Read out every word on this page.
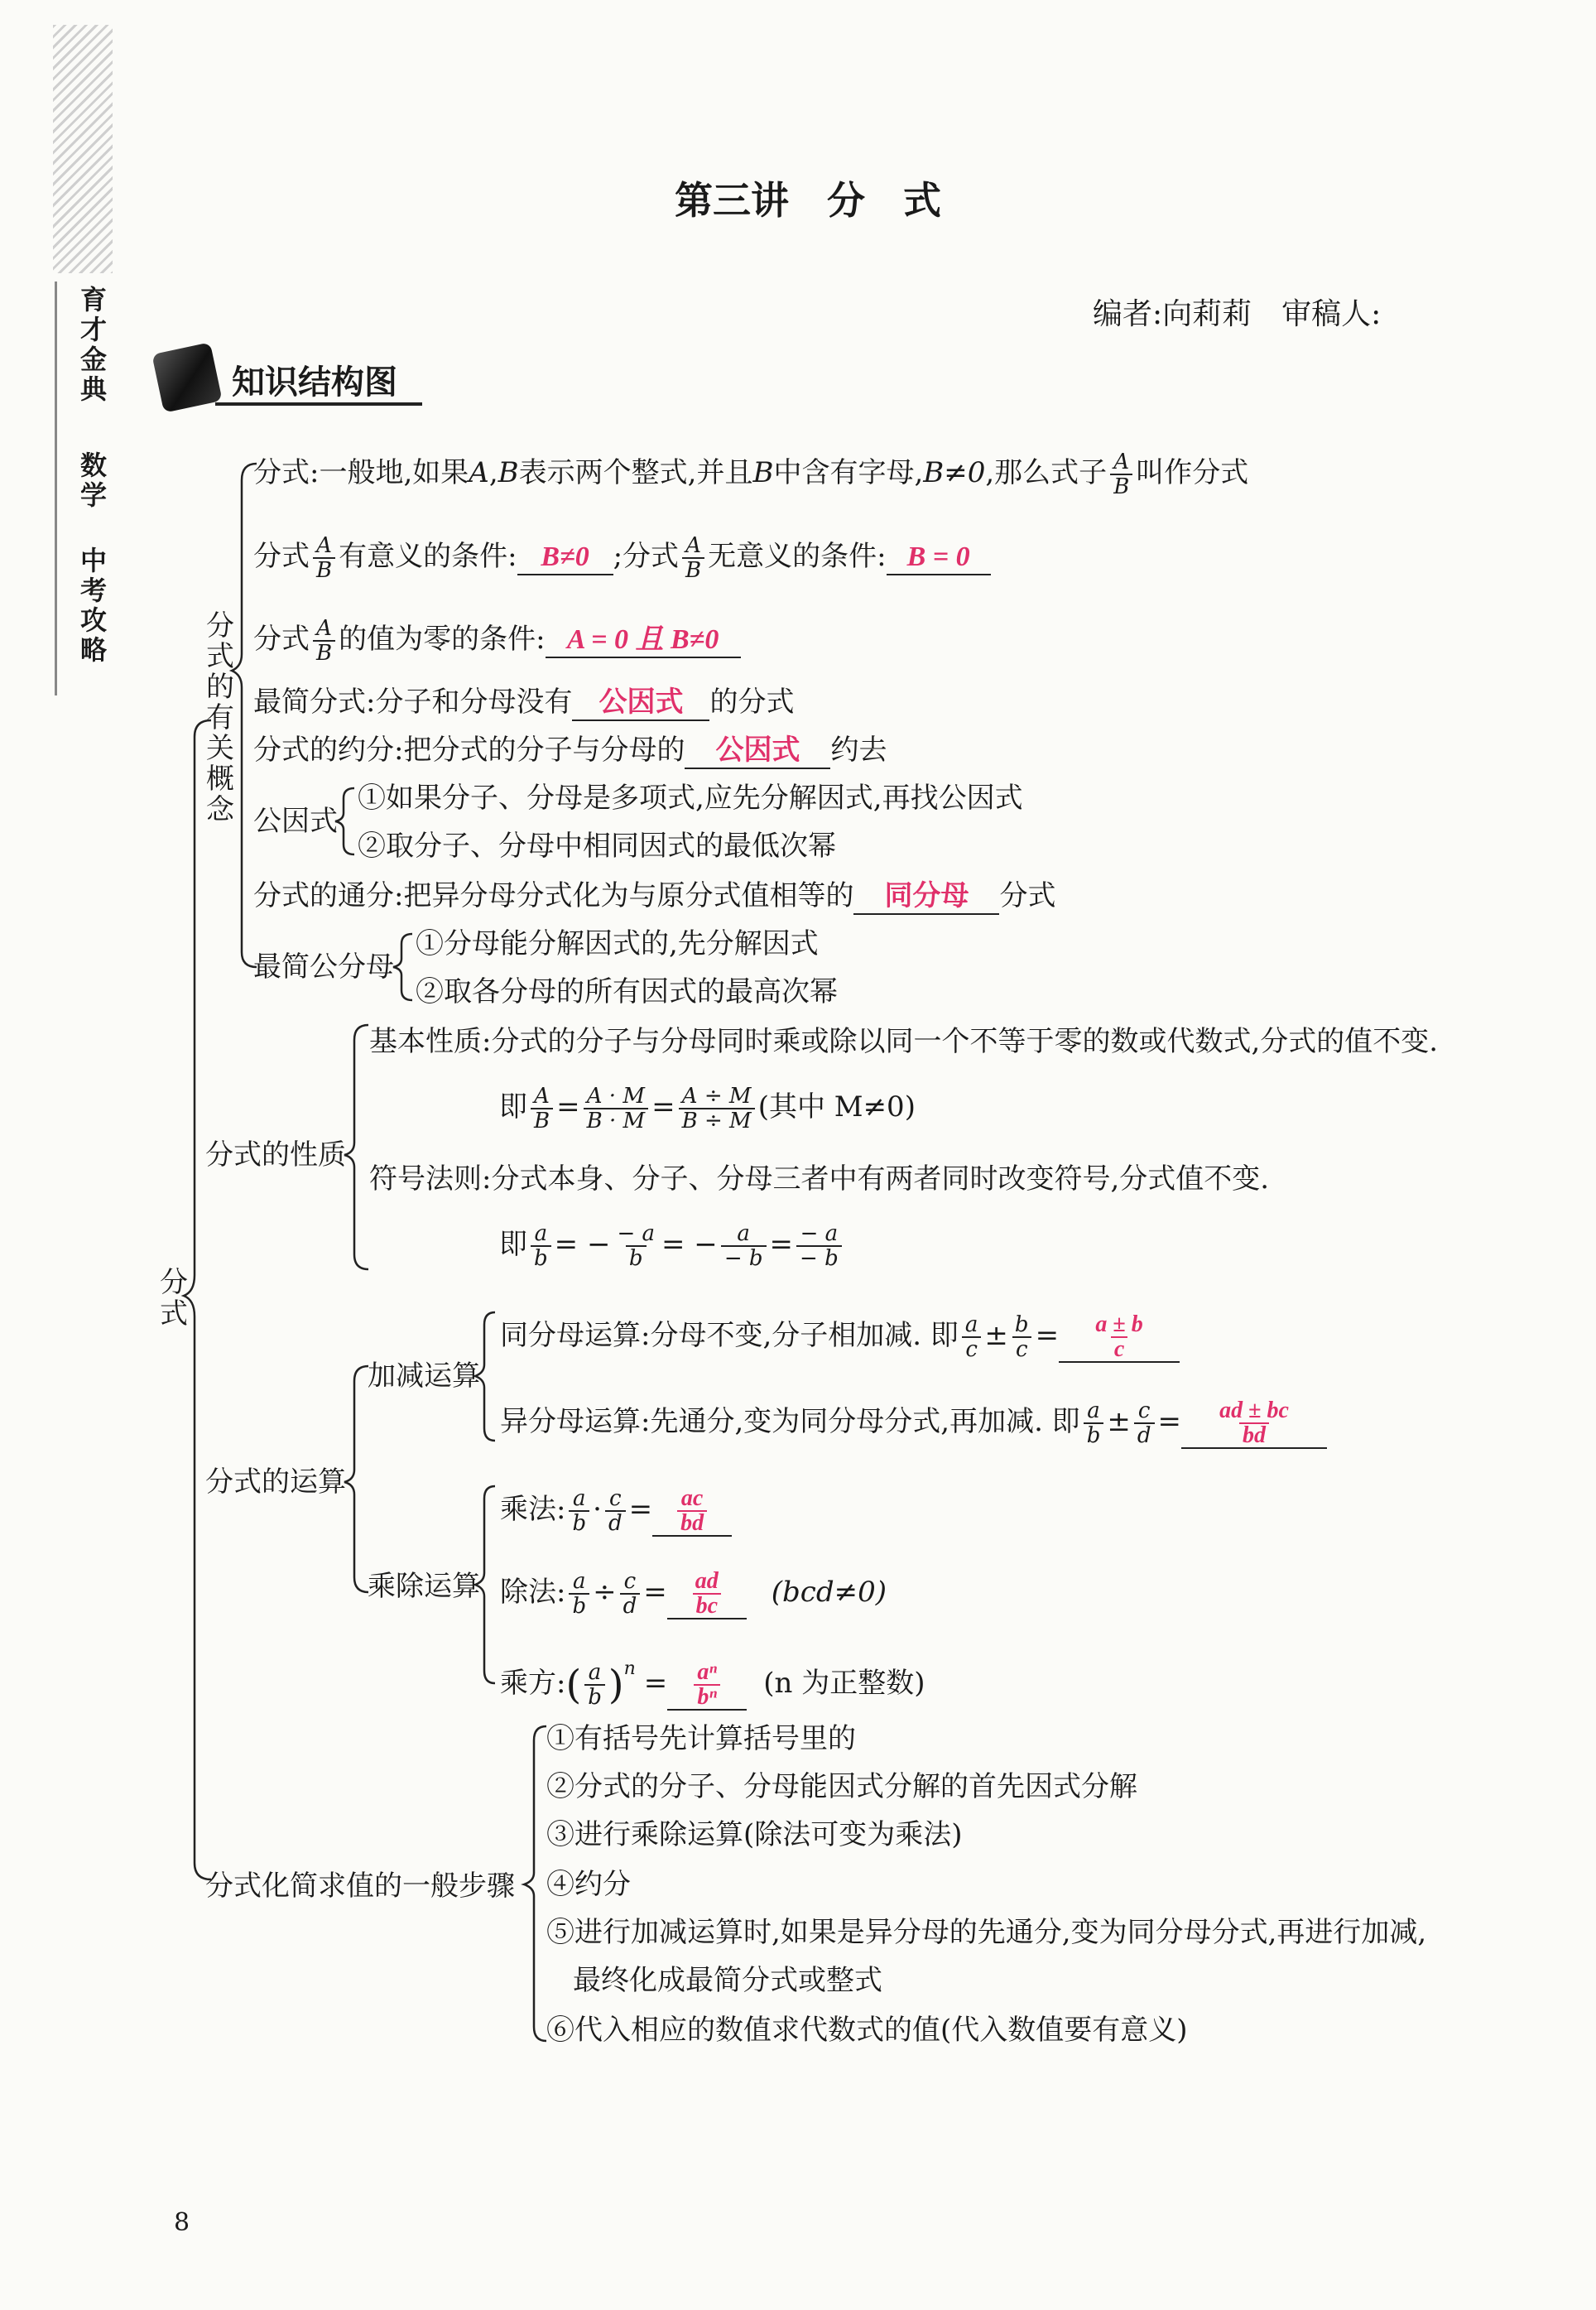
育才金典
数学
中考攻略
第三讲　分　式
编者:向莉莉　审稿人:
知识结构图
分式
分式的有关概念
分式的性质
分式的运算
分式化简求值的一般步骤
分式:一般地,如果A,B表示两个整式,并且B中含有字母,B≠0,那么式子 $\frac{A}{B}$ 叫作分式
分式 $\frac{A}{B}$ 有意义的条件: B≠0 ;分式 $\frac{A}{B}$ 无意义的条件: B = 0
分式 $\frac{A}{B}$ 的值为零的条件: A = 0 且 B≠0
最简分式:分子和分母没有 公因式 的分式
分式的约分:把分式的分子与分母的 公因式 约去
公因式
①如果分子、分母是多项式,应先分解因式,再找公因式
②取分子、分母中相同因式的最低次幂
分式的通分:把异分母分式化为与原分式值相等的 同分母 分式
最简公分母
①分母能分解因式的,先分解因式
②取各分母的所有因式的最高次幂
基本性质:分式的分子与分母同时乘或除以同一个不等于零的数或代数式,分式的值不变.
即 $\frac{A}{B} = \frac{A \cdot M}{B \cdot M} = \frac{A \div M}{B \div M}$ (其中 M≠0)
符号法则:分式本身、分子、分母三者中有两者同时改变符号,分式值不变.
即 $\frac{a}{b}$ = − $\frac{- a}{b}$ = − $\frac{a}{- b} = \frac{- a}{- b}$
加减运算
同分母运算:分母不变,分子相加减. 即 $\frac{a}{c} \pm \frac{b}{c} = \frac{a \pm b}{c}$
异分母运算:先通分,变为同分母分式,再加减. 即 $\frac{a}{b} \pm \frac{c}{d} = \frac{ad \pm bc}{bd}$
乘除运算
乘法: $\frac{a}{b} \cdot \frac{c}{d} = \frac{ac}{bd}$
除法: $\frac{a}{b} \div \frac{c}{d} = \frac{ad}{bc} (bcd\ne 0)$
乘方:( $\frac{a}{b} )^n = \frac{\text{aⁿ}}{\text{bⁿ}} (n$ 为正整数)
①有括号先计算括号里的
②分式的分子、分母能因式分解的首先因式分解
③进行乘除运算(除法可变为乘法)
④约分
⑤进行加减运算时,如果是异分母的先通分,变为同分母分式,再进行加减,
最终化成最简分式或整式
⑥代入相应的数值求代数式的值(代入数值要有意义)
8
